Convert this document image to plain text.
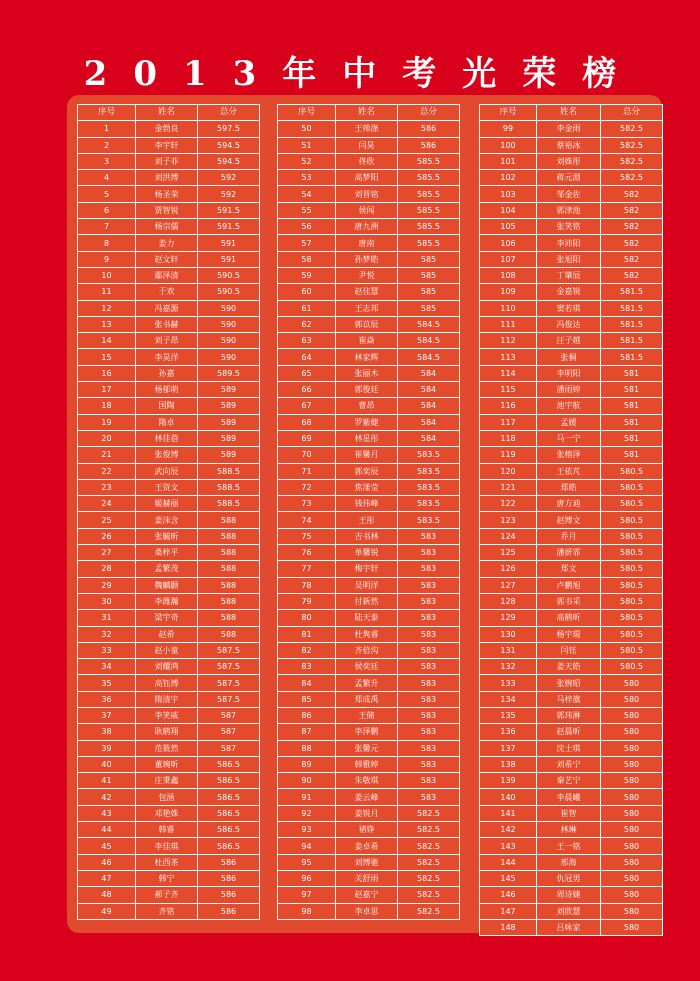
2013年中考光荣榜
序号	姓名	总分
1	金勃良	597.5
2	李宇轩	594.5
3	刘子菲	594.5
4	刘洪博	592
5	杨圣荣	592
6	贾智锐	591.5
7	杨宗儒	591.5
8	姜力	591
9	赵文轩	591
10	鄢泽清	590.5
11	于欢	590.5
12	冯嘉源	590
13	张书赫	590
14	刘子昂	590
15	李昊洋	590
16	孙嘉	589.5
17	杨郁萌	589
18	国陶	589
19	隋卓	589
20	林佳蓓	589
21	张俊博	589
22	武向辰	588.5
23	王资文	588.5
24	姬赫丽	588.5
25	姜沫含	588
26	张毓昕	588
27	桑梓平	588
28	孟繁茂	588
29	魏麟颢	588
30	李潍瀚	588
31	梁宇奇	588
32	赵希	588
33	赵小童	587.5
34	刘耀鸿	587.5
35	高钰博	587.5
36	隋清宇	587.5
37	李笑威	587
38	耿鹤翔	587
39	范筱然	587
40	董琬昕	586.5
41	庄秉鑫	586.5
42	包涵	586.5
43	邓艳姝	586.5
44	韩睿	586.5
45	李佳琪	586.5
46	杜西茶	586
47	韩宁	586
48	郝子齐	586
49	齐铭	586
序号	姓名	总分
50	王帅涤	586
51	闫昊	586
52	佟欣	585.5
53	高梦阳	585.5
54	刘晋铭	585.5
55	侯闯	585.5
56	唐九洲	585.5
57	唐南	585.5
58	孙梦皓	585
59	尹悦	585
60	赵佳慧	585
61	王志邦	585
62	郭苡辰	584.5
63	崔焱	584.5
64	林家辉	584.5
65	张丽木	584
66	郭俊廷	584
67	曹昂	584
68	罗紫健	584
69	林星彤	584
70	崔馨月	583.5
71	郭奕辰	583.5
72	焦漾莹	583.5
73	钱伟峰	583.5
74	王彤	583.5
75	吉书林	583
76	单馨锐	583
77	梅宇轩	583
78	吴明洋	583
79	付新然	583
80	陆天泰	583
81	杜隽睿	583
82	齐倍沟	583
83	侯奕廷	583
84	孟繁升	583
85	郑成禹	583
86	王储	583
87	李泽鹏	583
88	张馨元	583
89	韩雅婷	583
90	朱敬琪	583
91	姜云峰	583
92	姜锐月	582.5
93	褚铮	582.5
94	姜卓希	582.5
95	刘博驰	582.5
96	关舒雨	582.5
97	赵嘉宁	582.5
98	李卓思	582.5
序号	姓名	总分
99	李金雨	582.5
100	蔡裕冰	582.5
101	刘姝彤	582.5
102	蒋元淵	582.5
103	邹金佐	582
104	郭津池	582
105	张笑铭	582
106	李沛阳	582
107	张旭阳	582
108	丁肇辰	582
109	金嘉锐	581.5
110	窦若琪	581.5
111	冯俊达	581.5
112	汪子越	581.5
113	张桐	581.5
114	李明阳	581
115	潘雨婷	581
116	池宇航	581
117	孟媛	581
118	马一宁	581
119	张榕泽	581
120	王依芃	580.5
121	郑皓	580.5
122	唐方迪	580.5
123	赵博文	580.5
124	乔月	580.5
125	潘妍霏	580.5
126	郑文	580.5
127	卢鹏旭	580.5
128	郭书采	580.5
129	高鹤昕	580.5
130	杨宇琨	580.5
131	闫钰	580.5
132	姜天皓	580.5
133	张婉昭	580
134	马梓旗	580
135	郭玮淋	580
136	赵晨昕	580
137	沈士琪	580
138	刘希宁	580
139	秦艺宁	580
140	李晨曦	580
141	崔智	580
142	林琳	580
143	王一铭	580
144	邢海	580
145	仇冠男	580
146	周诗婕	580
147	刘欣慧	580
148	吕咏家	580
